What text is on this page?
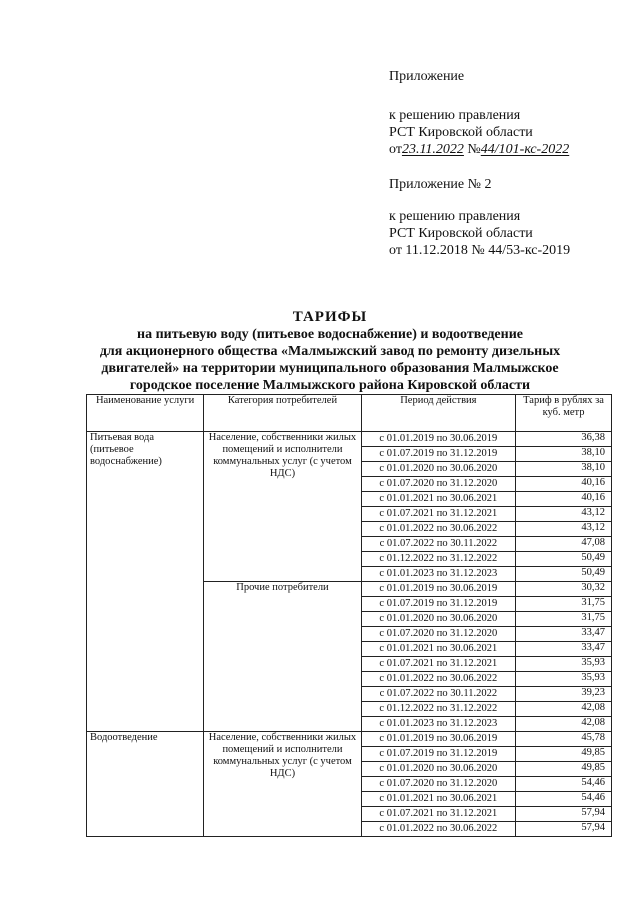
Приложение
к решению правления
РСТ Кировской области
от23.11.2022 №44/101-кс-2022
Приложение № 2
к решению правления
РСТ Кировской области
от 11.12.2018 № 44/53-кс-2019
ТАРИФЫ
на питьевую воду (питьевое водоснабжение) и водоотведение
для акционерного общества «Малмыжский завод по ремонту дизельных
двигателей» на территории муниципального образования Малмыжское
городское поселение Малмыжского района Кировской области
Наименование услуги	Категория потребителей	Период действия	Тариф в рублях за куб. метр
Питьевая вода (питьевое водоснабжение)	Население, собственники жилых помещений и исполнители коммунальных услуг (с учетом НДС)	с 01.01.2019 по 30.06.2019	36,38
		с 01.07.2019 по 31.12.2019	38,10
		с 01.01.2020 по 30.06.2020	38,10
		с 01.07.2020 по 31.12.2020	40,16
		с 01.01.2021 по 30.06.2021	40,16
		с 01.07.2021 по 31.12.2021	43,12
		с 01.01.2022 по 30.06.2022	43,12
		с 01.07.2022 по 30.11.2022	47,08
		с 01.12.2022 по 31.12.2022	50,49
		с 01.01.2023 по 31.12.2023	50,49
	Прочие потребители	с 01.01.2019 по 30.06.2019	30,32
		с 01.07.2019 по 31.12.2019	31,75
		с 01.01.2020 по 30.06.2020	31,75
		с 01.07.2020 по 31.12.2020	33,47
		с 01.01.2021 по 30.06.2021	33,47
		с 01.07.2021 по 31.12.2021	35,93
		с 01.01.2022 по 30.06.2022	35,93
		с 01.07.2022 по 30.11.2022	39,23
		с 01.12.2022 по 31.12.2022	42,08
		с 01.01.2023 по 31.12.2023	42,08
Водоотведение	Население, собственники жилых помещений и исполнители коммунальных услуг (с учетом НДС)	с 01.01.2019 по 30.06.2019	45,78
		с 01.07.2019 по 31.12.2019	49,85
		с 01.01.2020 по 30.06.2020	49,85
		с 01.07.2020 по 31.12.2020	54,46
		с 01.01.2021 по 30.06.2021	54,46
		с 01.07.2021 по 31.12.2021	57,94
		с 01.01.2022 по 30.06.2022	57,94
